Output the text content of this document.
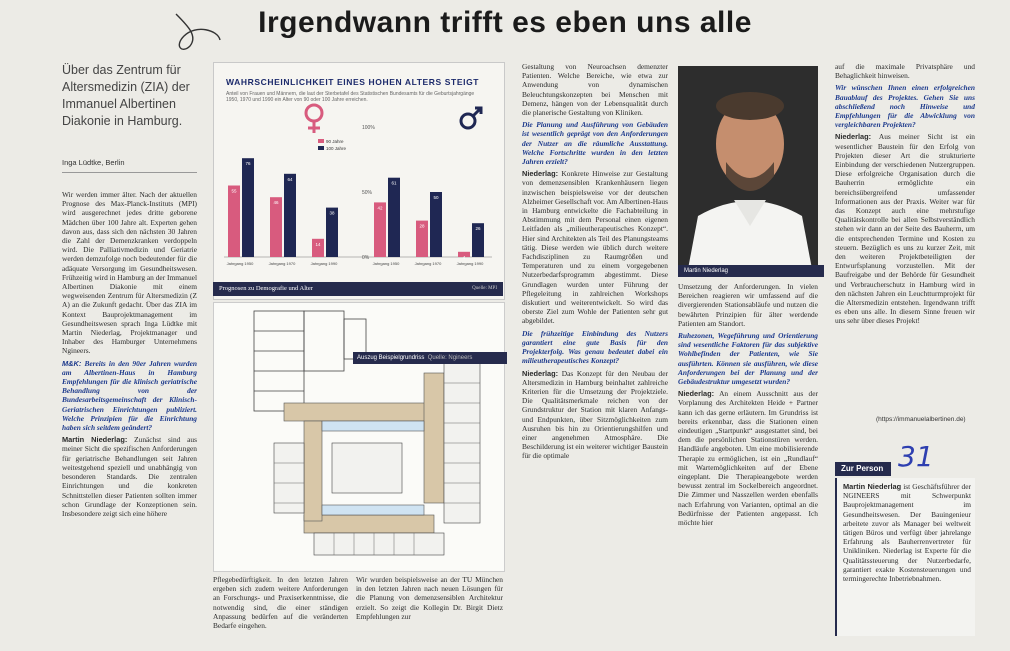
Irgendwann trifft es eben uns alle
Über das Zentrum für Altersmedizin (ZIA) der Immanuel Albertinen Diakonie in Hamburg.
Inga Lüdtke, Berlin

Wir werden immer älter. Nach der aktuellen Prognose des Max-Planck-Instituts (MPI) wird ausgerechnet jedes dritte geborene Mädchen über 100 Jahre alt. Experten gehen davon aus, dass sich den nächsten 30 Jahren die Zahl der Demenzkranken verdoppeln wird. Die Palliativmedizin und Geriatrie werden demzufolge noch bedeutender für die adäquate Versorgung im Gesundheitswesen. Frühzeitig wird in Hamburg an der Immanuel Albertinen Diakonie mit einem wegweisenden Zentrum für Altersmedizin (Z A) an die Zukunft gedacht. Über das ZIA im Kontext Bauprojektmanagement im Gesundheitswesen sprach Inga Lüdtke mit Martin Niederlag, Projektmanager und Inhaber des Hamburger Unternehmens Ngineers.

M&K: Bereits in den 90er Jahren wurden am Albertinen-Haus in Hamburg Empfehlungen für die klinisch geriatrische Behandlung von der Bundesarbeitsgemeinschaft der Klinisch-Geriatrischen Einrichtungen publiziert. Welche Prinzipien für die Einrichtung haben sich seitdem geändert?

Martin Niederlag: Zunächst sind aus meiner Sicht die spezifischen Anforderungen für geriatrische Behandlungen seit Jahren weitestgehend speziell und unabhängig von besonderen Standards. Die zentralen Einrichtungen und die konkreten Schnittstellen dieser Patienten sollten immer schon Grundlage der Konzeptionen sein. Insbesondere zeigt sich eine höhere

WAHRSCHEINLICHKEIT EINES HOHEN ALTERS STEIGT
Anteil von Frauen und Männern, die laut der Sterbetafel des Statistischen Bundesamts für die Geburtsjahrgänge 1950, 1970 und 1990 ein Alter von 90 oder 100 Jahre erreichen.
100%
50%
0%
55
76
Jahrgang 1950
46
64
Jahrgang 1970
14
38
Jahrgang 1990
42
61
Jahrgang 1950
28
50
Jahrgang 1970
4
26
Jahrgang 1990
90 Jahre
100 Jahre
Prognosen zu Demografie und Alter	Quelle: MPI
Auszug Beispielgrundriss Quelle: Ngineers

Pflegebedürftigkeit. In den letzten Jahren ergeben sich zudem weitere Anforderungen an Forschungs- und Praxiserkenntnisse, die notwendig sind, die einer ständigen Anpassung bedürfen auf die veränderten Bedarfe eingehen.

Wir wurden beispielsweise an der TU München in den letzten Jahren nach neuen Lösungen für die Planung von demenzsensiblen Architektur erzielt. So zeigt die Kollegin Dr. Birgit Dietz Empfehlungen zur

Gestaltung von Neuroachsen demenzter Patienten. Welche Bereiche, wie etwa zur Anwendung von dynamischen Beleuchtungskonzepten bei Menschen mit Demenz, hängen von der Lebensqualität durch die planerische Gestaltung von Kliniken.

Die Planung und Ausführung von Gebäuden ist wesentlich geprägt von den Anforderungen der Nutzer an die räumliche Ausstattung. Welche Fortschritte wurden in den letzten Jahren erzielt?

Niederlag: Konkrete Hinweise zur Gestaltung von demenzsensiblen Krankenhäusern liegen inzwischen beispielsweise vor der deutschen Alzheimer Gesellschaft vor. Am Albertinen-Haus in Hamburg entwickelte die Fachabteilung in Abstimmung mit dem Personal einen eigenen Leitfaden als „milieutherapeutisches Konzept“. Hier sind Architekten als Teil des Planungsteams tätig. Diese werden wie üblich durch weitere Fachdisziplinen zu Raumgrößen und Temperaturen und zu einem vorgegebenen Nutzerbedarfsprogramm abgestimmt. Diese Grundlagen wurden unter Führung der Pflegeleitung in zahlreichen Workshops diskutiert und weiterentwickelt. So wird das oberste Ziel zum Wohle der Patienten sehr gut abgebildet.

Die frühzeitige Einbindung des Nutzers garantiert eine gute Basis für den Projekterfolg. Was genau bedeutet dabei ein milieutherapeutisches Konzept?

Niederlag: Das Konzept für den Neubau der Altersmedizin in Hamburg beinhaltet zahlreiche Kriterien für die Umsetzung der Projektziele. Die Qualitätsmerkmale reichen von der Grundstruktur der Station mit klaren Anfangs- und Endpunkten, über Sitzmöglichkeiten zum Ausruhen bis hin zu Orientierungshilfen und einer angenehmen Atmosphäre. Die Beschilderung ist ein weiterer wichtiger Baustein für die optimale

Martin Niederlag

Umsetzung der Anforderungen. In vielen Bereichen reagieren wir umfassend auf die divergierenden Stationsabläufe und nutzen die bewährten Prinzipien für älter werdende Patienten am Standort.

Ruhezonen, Wegeführung und Orientierung sind wesentliche Faktoren für das subjektive Wohlbefinden der Patienten, wie Sie ausführten. Können sie ausführen, wie diese Anforderungen bei der Planung und der Gebäudestruktur umgesetzt wurden?

Niederlag: An einem Ausschnitt aus der Vorplanung des Architekten Heide + Partner kann ich das gerne erläutern. Im Grundriss ist bereits erkennbar, dass die Stationen einen eindeutigen „Startpunkt“ ausgestattet sind, bei dem die persönlichen Stationstüren werden. Handläufe angeboten. Um eine mobilisierende Therapie zu ermöglichen, ist ein „Rundlauf“ mit Wartemöglichkeiten auf der Ebene eingeplant. Die Therapieangebote werden bewusst zentral im Sockelbereich angeordnet. Die Zimmer und Nasszellen werden ebenfalls nach Erfahrung von Varianten, optimal an die Bedürfnisse der Patienten angepasst. Ich möchte hier

auf die maximale Privatsphäre und Behaglichkeit hinweisen.

Wir wünschen Ihnen einen erfolgreichen Bauablauf des Projektes. Gehen Sie uns abschließend noch Hinweise und Empfehlungen für die Abwicklung von vergleichbaren Projekten?

Niederlag: Aus meiner Sicht ist ein wesentlicher Baustein für den Erfolg von Projekten dieser Art die strukturierte Einbindung der verschiedenen Nutzergruppen. Diese erfolgreiche Organisation durch die Bauherrin ermöglichte ein bereichsübergreifend umfassender Informationen aus der Praxis. Weiter war für das Konzept auch eine mehrstufige Qualitätskontrolle bei allen Selbstverständlich stehen wir dann an der Seite des Bauherrn, um die entsprechenden Termine und Kosten zu steuern. Bezüglich es uns zu kurzer Zeit, mit den weiteren Projektbeteiligten der Entwurfsplanung vorzustellen. Mit der Baufreigabe und der Behörde für Gesundheit und Verbraucherschutz in Hamburg wird in den nächsten Jahren ein Leuchtturmprojekt für die Altersmedizin entstehen. Irgendwann trifft es eben uns alle. In diesem Sinne freuen wir uns sehr über dieses Projekt!

(https://immanuelalbertinen.de)
31
Zur Person
Martin Niederlag ist Geschäftsführer der NGINEERS mit Schwerpunkt Bauprojektmanagement im Gesundheitswesen. Der Bauingenieur arbeitete zuvor als Manager bei weltweit tätigen Büros und verfügt über jahrelange Erfahrung als Bauherrenvertreter für Unikliniken. Niederlag ist Experte für die Qualitätssteuerung der Nutzerbedarfe, garantiert exakte Kostensteuerungen und termingerechte Inbetriebnahmen.
